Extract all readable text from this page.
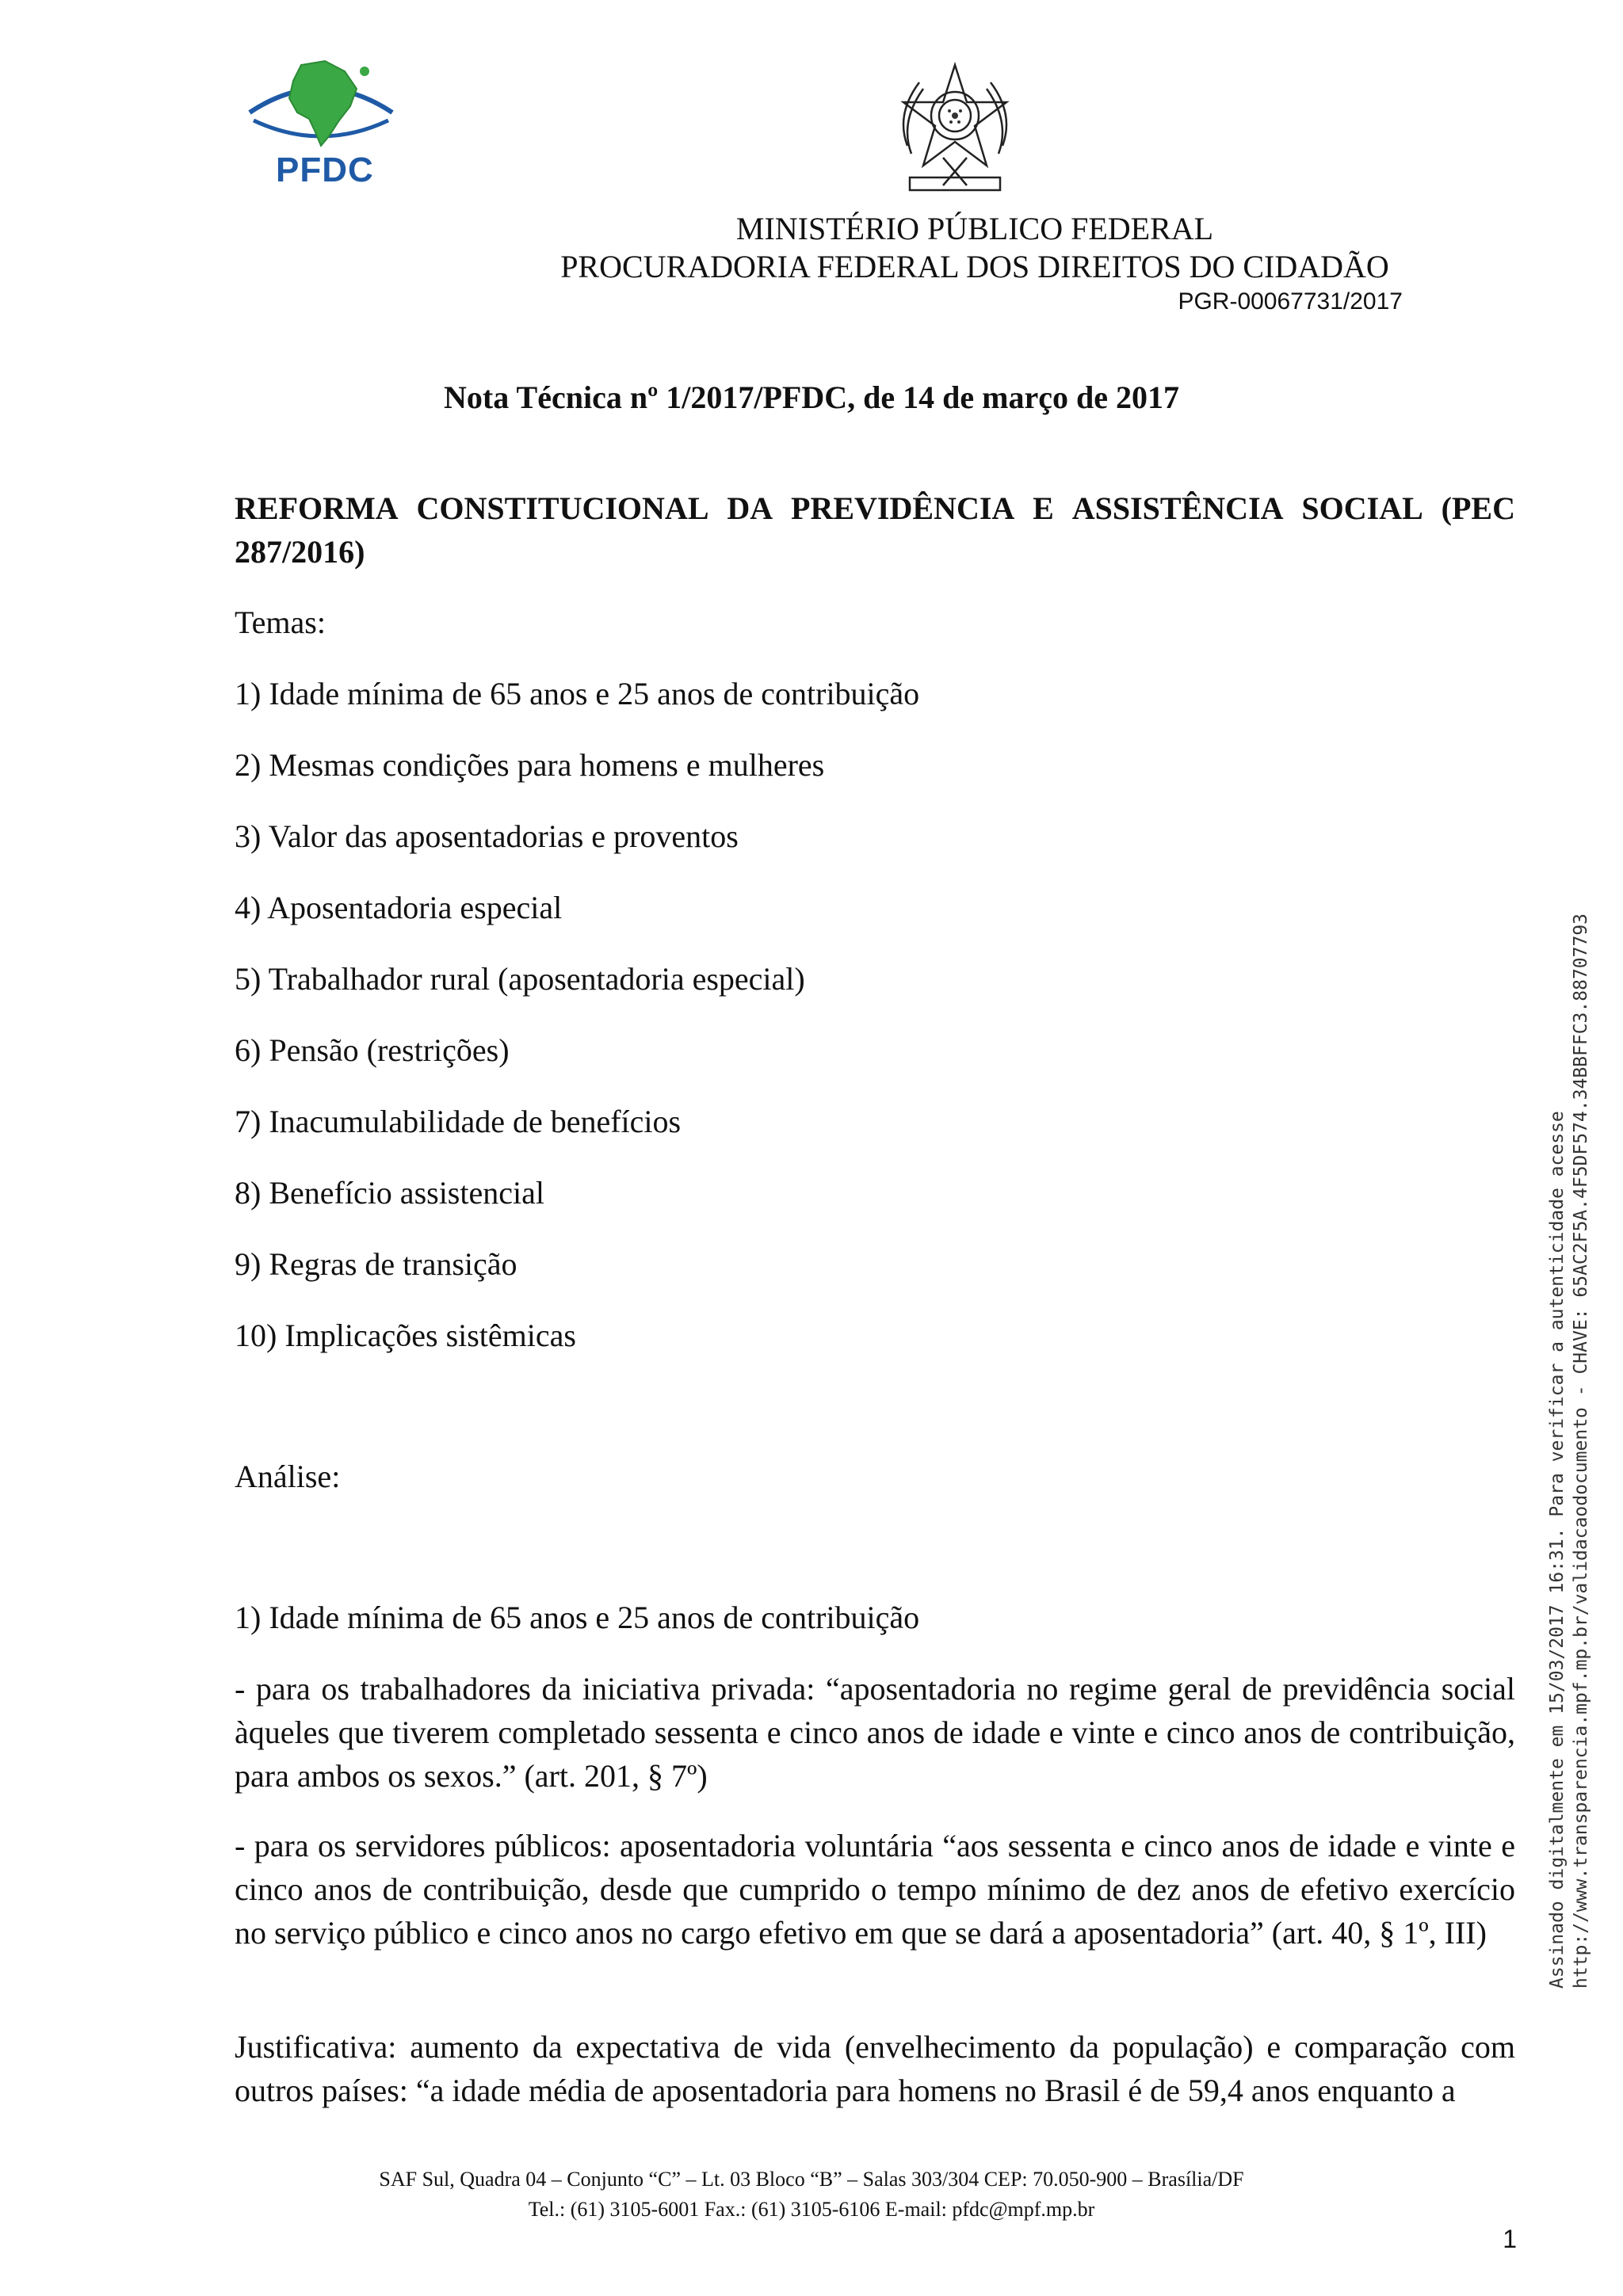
PFDC
MINISTÉRIO PÚBLICO FEDERAL
PROCURADORIA FEDERAL DOS DIREITOS DO CIDADÃO
PGR-00067731/2017
Nota Técnica nº 1/2017/PFDC, de 14 de março de 2017
REFORMA CONSTITUCIONAL DA PREVIDÊNCIA E ASSISTÊNCIA SOCIAL (PEC 287/2016)
Temas:
1) Idade mínima de 65 anos e 25 anos de contribuição
2) Mesmas condições para homens e mulheres
3) Valor das aposentadorias e proventos
4) Aposentadoria especial
5) Trabalhador rural (aposentadoria especial)
6) Pensão (restrições)
7) Inacumulabilidade de benefícios
8) Benefício assistencial
9) Regras de transição
10) Implicações sistêmicas
Análise:
1) Idade mínima de 65 anos e 25 anos de contribuição
- para os trabalhadores da iniciativa privada: “aposentadoria no regime geral de previdência social àqueles que tiverem completado sessenta e cinco anos de idade e vinte e cinco anos de contribuição, para ambos os sexos.” (art. 201, § 7º)
- para os servidores públicos: aposentadoria voluntária “aos sessenta e cinco anos de idade e vinte e cinco anos de contribuição, desde que cumprido o tempo mínimo de dez anos de efetivo exercício no serviço público e cinco anos no cargo efetivo em que se dará a aposentadoria” (art. 40, § 1º, III)
Justificativa: aumento da expectativa de vida (envelhecimento da população) e comparação com outros países: “a idade média de aposentadoria para homens no Brasil é de 59,4 anos enquanto a
Assinado digitalmente em 15/03/2017 16:31. Para verificar a autenticidade acesse http://www.transparencia.mpf.mp.br/validacaodocumento - CHAVE: 65AC2F5A.4F5DF574.34BBFFC3.88707793
SAF Sul, Quadra 04 – Conjunto “C” – Lt. 03 Bloco “B” – Salas 303/304 CEP: 70.050-900 – Brasília/DF
Tel.: (61) 3105-6001 Fax.: (61) 3105-6106 E-mail: pfdc@mpf.mp.br
1
